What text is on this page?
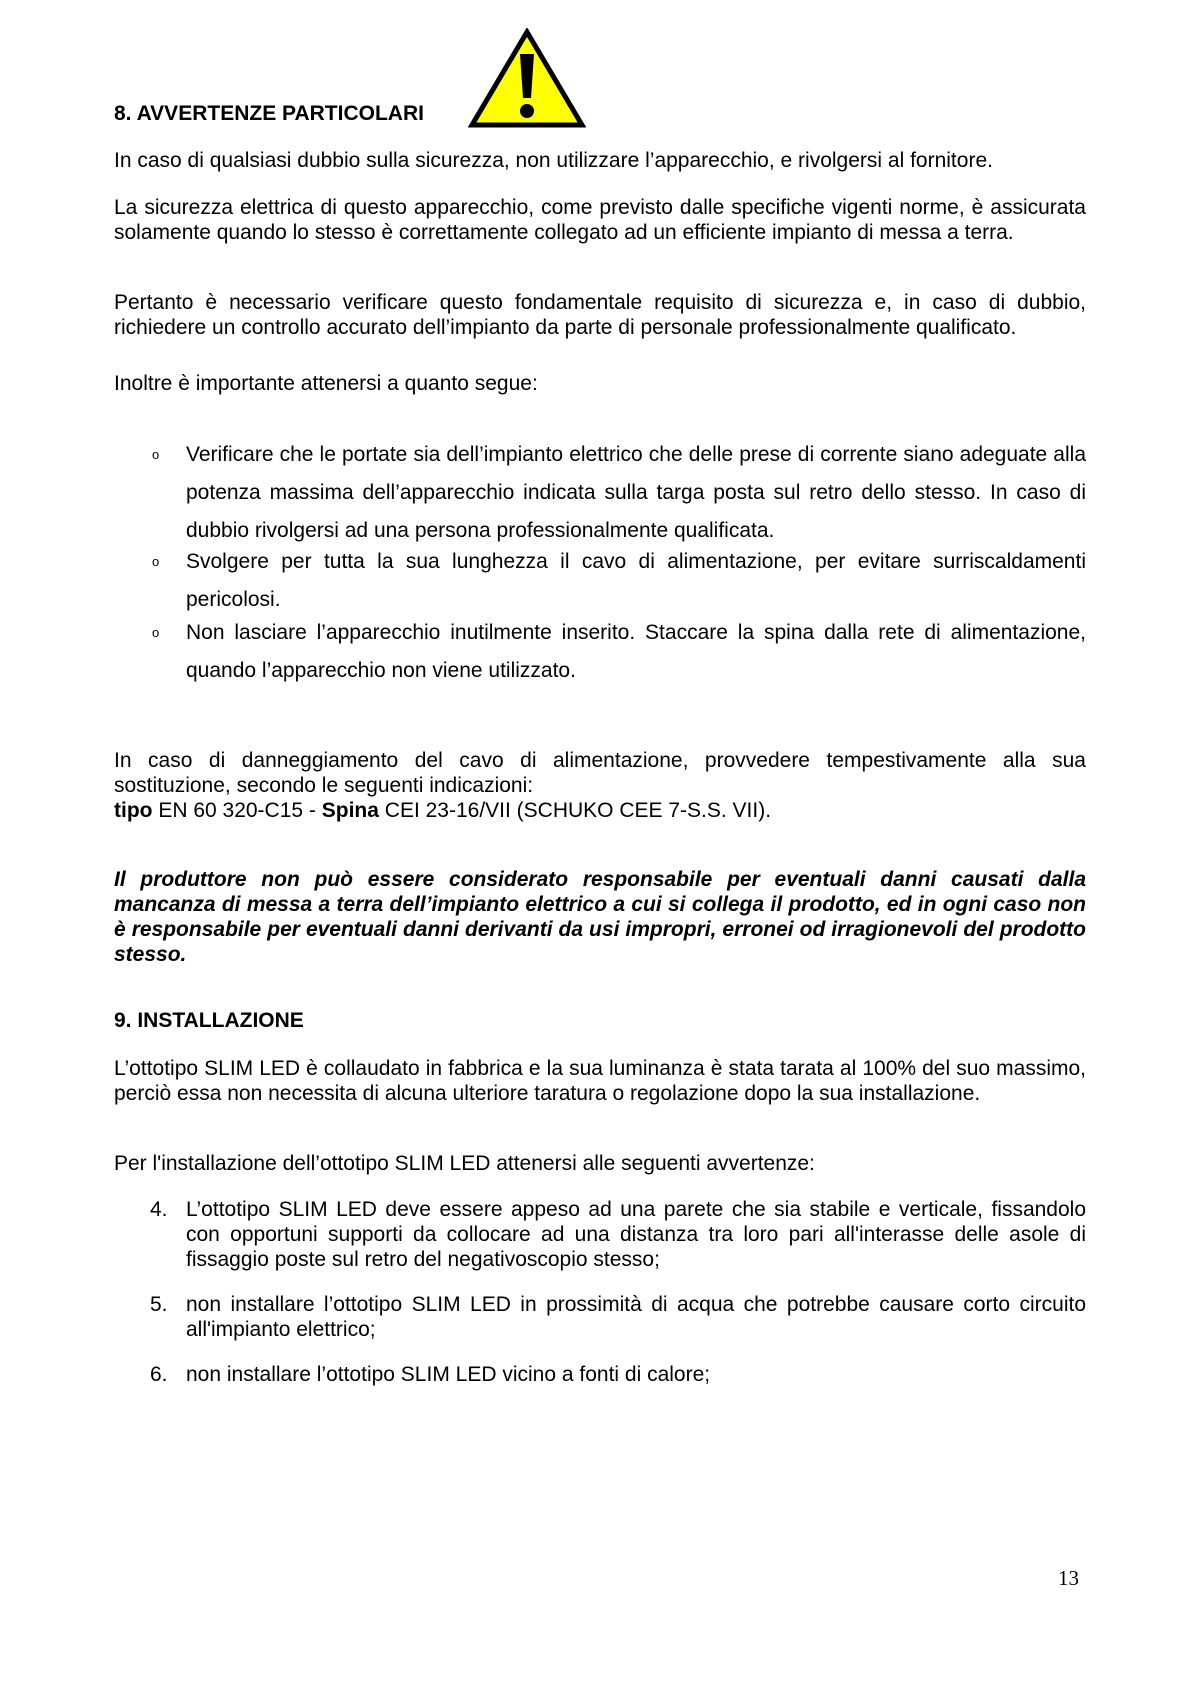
8. AVVERTENZE PARTICOLARI
In caso di qualsiasi dubbio sulla sicurezza, non utilizzare l’apparecchio, e rivolgersi al fornitore.
La sicurezza elettrica di questo apparecchio, come previsto dalle specifiche vigenti norme, è assicurata solamente quando lo stesso è correttamente collegato ad un efficiente impianto di messa a terra.
Pertanto è necessario verificare questo fondamentale requisito di sicurezza e, in caso di dubbio, richiedere un controllo accurato dell’impianto da parte di personale professionalmente qualificato.
Inoltre è importante attenersi a quanto segue:
o Verificare che le portate sia dell’impianto elettrico che delle prese di corrente siano adeguate alla potenza massima dell’apparecchio indicata sulla targa posta sul retro dello stesso. In caso di dubbio rivolgersi ad una persona professionalmente qualificata.
o Svolgere per tutta la sua lunghezza il cavo di alimentazione, per evitare surriscaldamenti pericolosi.
o Non lasciare l’apparecchio inutilmente inserito. Staccare la spina dalla rete di alimentazione, quando l’apparecchio non viene utilizzato.
In caso di danneggiamento del cavo di alimentazione, provvedere tempestivamente alla sua sostituzione, secondo le seguenti indicazioni:
tipo EN 60 320-C15 - Spina CEI 23-16/VII (SCHUKO CEE 7-S.S. VII).
Il produttore non può essere considerato responsabile per eventuali danni causati dalla mancanza di messa a terra dell’impianto elettrico a cui si collega il prodotto, ed in ogni caso non è responsabile per eventuali danni derivanti da usi impropri, erronei od irragionevoli del prodotto stesso.
9. INSTALLAZIONE
L’ottotipo SLIM LED è collaudato in fabbrica e la sua luminanza è stata tarata al 100% del suo massimo, perciò essa non necessita di alcuna ulteriore taratura o regolazione dopo la sua installazione.
Per l'installazione dell’ottotipo SLIM LED attenersi alle seguenti avvertenze:
4. L’ottotipo SLIM LED deve essere appeso ad una parete che sia stabile e verticale, fissandolo con opportuni supporti da collocare ad una distanza tra loro pari all'interasse delle asole di fissaggio poste sul retro del negativoscopio stesso;
5. non installare l’ottotipo SLIM LED in prossimità di acqua che potrebbe causare corto circuito all'impianto elettrico;
6. non installare l’ottotipo SLIM LED vicino a fonti di calore;
13
